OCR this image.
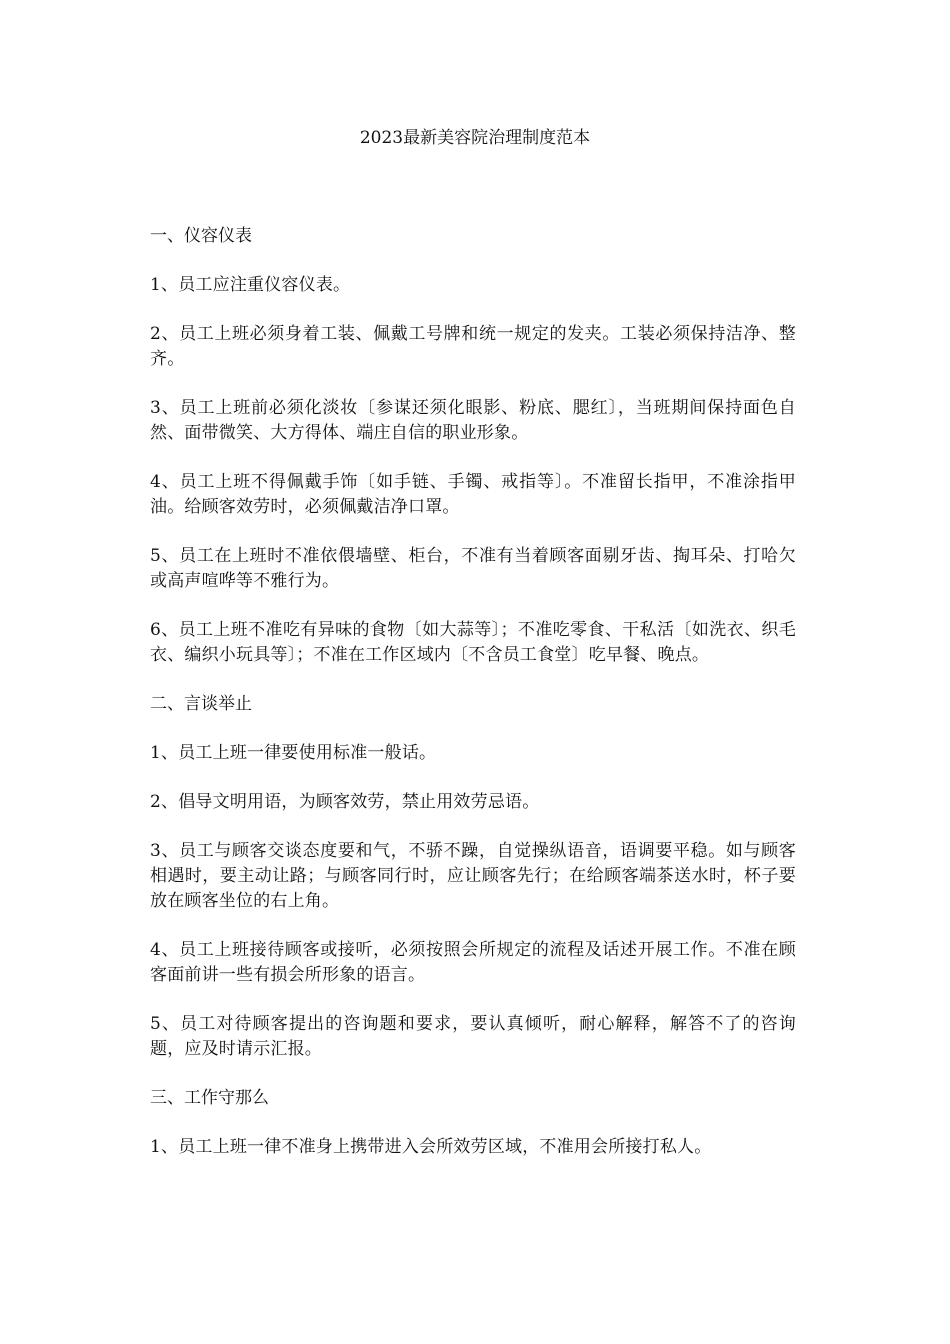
2023最新美容院治理制度范本

一、仪容仪表

1、员工应注重仪容仪表。

2、员工上班必须身着工装、佩戴工号牌和统一规定的发夹。工装必须保持洁净、整齐。

3、员工上班前必须化淡妆〔参谋还须化眼影、粉底、腮红〕，当班期间保持面色自然、面带微笑、大方得体、端庄自信的职业形象。

4、员工上班不得佩戴手饰〔如手链、手镯、戒指等〕。不准留长指甲，不准涂指甲油。给顾客效劳时，必须佩戴洁净口罩。

5、员工在上班时不准依偎墙壁、柜台，不准有当着顾客面剔牙齿、掏耳朵、打哈欠或高声喧哗等不雅行为。

6、员工上班不准吃有异味的食物〔如大蒜等〕；不准吃零食、干私活〔如洗衣、织毛衣、编织小玩具等〕；不准在工作区域内〔不含员工食堂〕吃早餐、晚点。

二、言谈举止

1、员工上班一律要使用标准一般话。

2、倡导文明用语，为顾客效劳，禁止用效劳忌语。

3、员工与顾客交谈态度要和气，不骄不躁，自觉操纵语音，语调要平稳。如与顾客相遇时，要主动让路；与顾客同行时，应让顾客先行；在给顾客端茶送水时，杯子要放在顾客坐位的右上角。

4、员工上班接待顾客或接听，必须按照会所规定的流程及话述开展工作。不准在顾客面前讲一些有损会所形象的语言。

5、员工对待顾客提出的咨询题和要求，要认真倾听，耐心解释，解答不了的咨询题，应及时请示汇报。

三、工作守那么

1、员工上班一律不准身上携带进入会所效劳区域，不准用会所接打私人。
